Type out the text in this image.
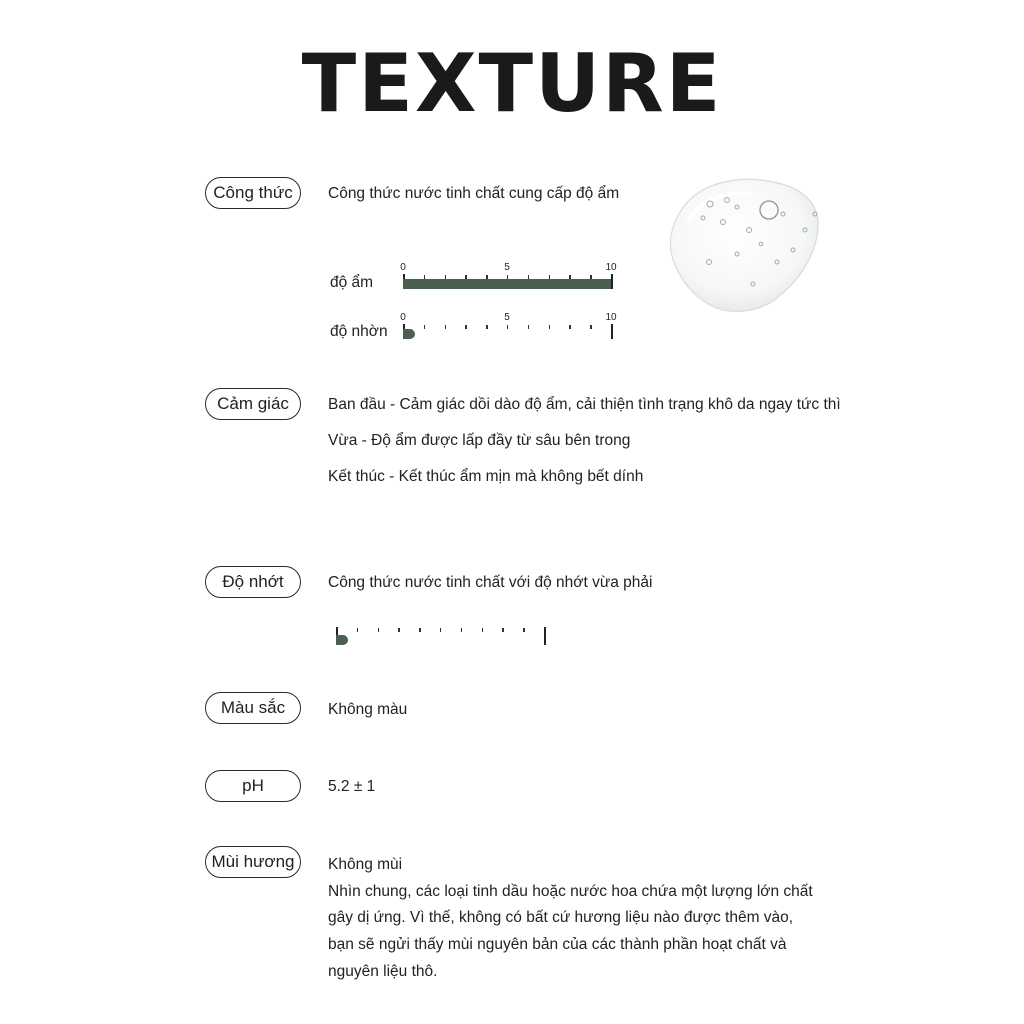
TEXTURE
Công thức	Công thức nước tinh chất cung cấp độ ẩm
độ ẩm
0	5	10
độ nhờn
0	5	10
Cảm giác	Ban đầu - Cảm giác dồi dào độ ẩm, cải thiện tình trạng khô da ngay tức thì
Vừa - Độ ẩm được lấp đầy từ sâu bên trong
Kết thúc - Kết thúc ẩm mịn mà không bết dính
Độ nhớt	Công thức nước tinh chất với độ nhớt vừa phải
Màu sắc	Không màu
pH	5.2 ± 1
Mùi hương	Không mùi
Nhìn chung, các loại tinh dầu hoặc nước hoa chứa một lượng lớn chất
gây dị ứng. Vì thế, không có bất cứ hương liệu nào được thêm vào,
bạn sẽ ngửi thấy mùi nguyên bản của các thành phần hoạt chất và
nguyên liệu thô.
